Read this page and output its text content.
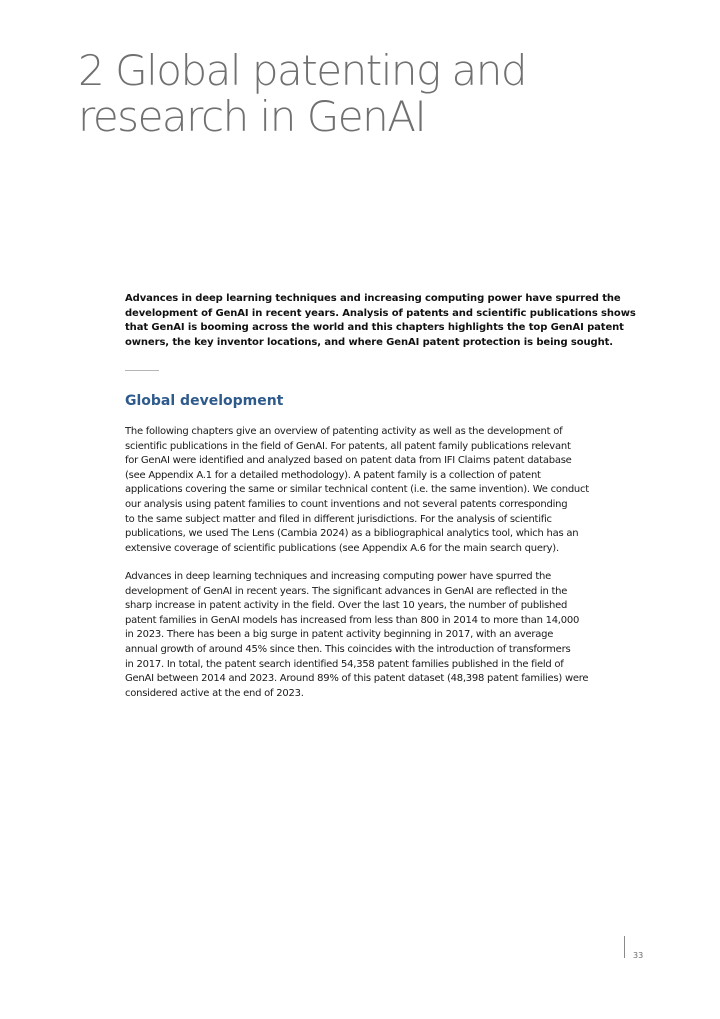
2 Global patenting and
research in GenAI

Advances in deep learning techniques and increasing computing power have spurred the
development of GenAI in recent years. Analysis of patents and scientific publications shows
that GenAI is booming across the world and this chapters highlights the top GenAI patent
owners, the key inventor locations, and where GenAI patent protection is being sought.

Global development

The following chapters give an overview of patenting activity as well as the development of
scientific publications in the field of GenAI. For patents, all patent family publications relevant
for GenAI were identified and analyzed based on patent data from IFI Claims patent database
(see Appendix A.1 for a detailed methodology). A patent family is a collection of patent
applications covering the same or similar technical content (i.e. the same invention). We conduct
our analysis using patent families to count inventions and not several patents corresponding
to the same subject matter and filed in different jurisdictions. For the analysis of scientific
publications, we used The Lens (Cambia 2024) as a bibliographical analytics tool, which has an
extensive coverage of scientific publications (see Appendix A.6 for the main search query).

Advances in deep learning techniques and increasing computing power have spurred the
development of GenAI in recent years. The significant advances in GenAI are reflected in the
sharp increase in patent activity in the field. Over the last 10 years, the number of published
patent families in GenAI models has increased from less than 800 in 2014 to more than 14,000
in 2023. There has been a big surge in patent activity beginning in 2017, with an average
annual growth of around 45% since then. This coincides with the introduction of transformers
in 2017. In total, the patent search identified 54,358 patent families published in the field of
GenAI between 2014 and 2023. Around 89% of this patent dataset (48,398 patent families) were
considered active at the end of 2023.

33
